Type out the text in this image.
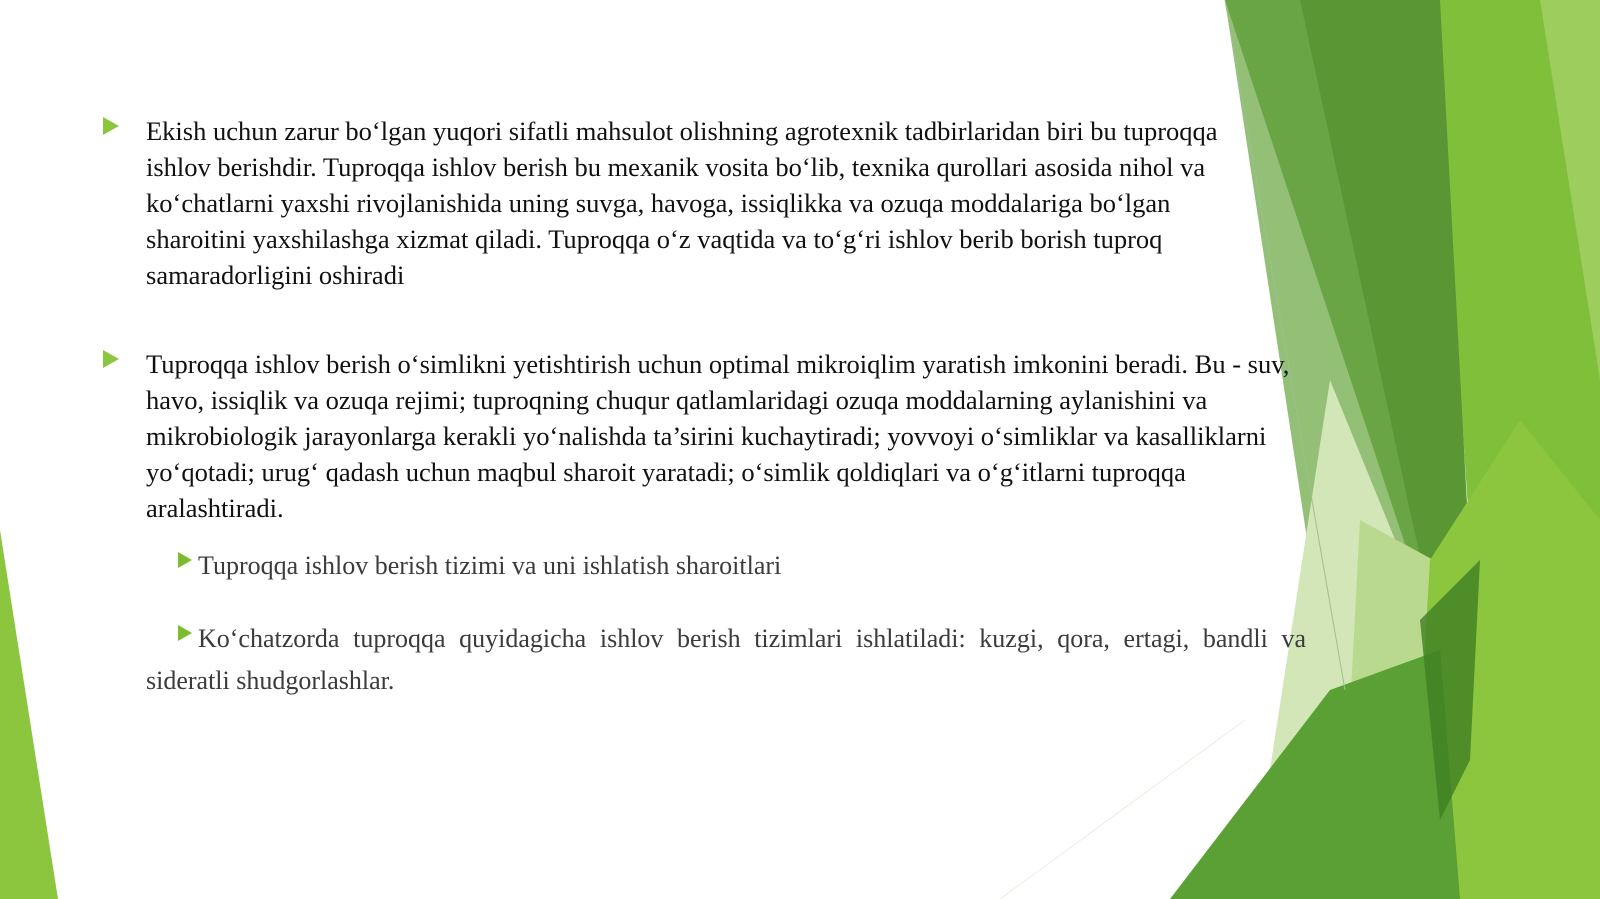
Ekish uchun zarur bo‘lgan yuqori sifatli mahsulot olishning agrotexnik tadbirlaridan biri bu tuproqqa ishlov berishdir. Tuproqqa ishlov berish bu mexanik vosita bo‘lib, texnika qurollari asosida nihol va ko‘chatlarni yaxshi rivojlanishida uning suvga, havoga, issiqlikka va ozuqa moddalariga bo‘lgan sharoitini yaxshilashga xizmat qiladi. Tuproqqa o‘z vaqtida va to‘g‘ri ishlov berib borish tuproq samaradorligini oshiradi
Tuproqqa ishlov berish o‘simlikni yetishtirish uchun optimal mikroiqlim yaratish imkonini beradi. Bu - suv, havo, issiqlik va ozuqa rejimi; tuproqning chuqur qatlamlaridagi ozuqa moddalarning aylanishini va mikrobiologik jarayonlarga kerakli yo‘nalishda ta’sirini kuchaytiradi; yovvoyi o‘simliklar va kasalliklarni yo‘qotadi; urug‘ qadash uchun maqbul sharoit yaratadi; o‘simlik qoldiqlari va o‘g‘itlarni tuproqqa aralashtiradi.
Tuproqqa ishlov berish tizimi va uni ishlatish sharoitlari
Ko‘chatzorda tuproqqa quyidagicha ishlov berish tizimlari ishlatiladi: kuzgi, qora, ertagi, bandli va sideratli shudgorlashlar.
